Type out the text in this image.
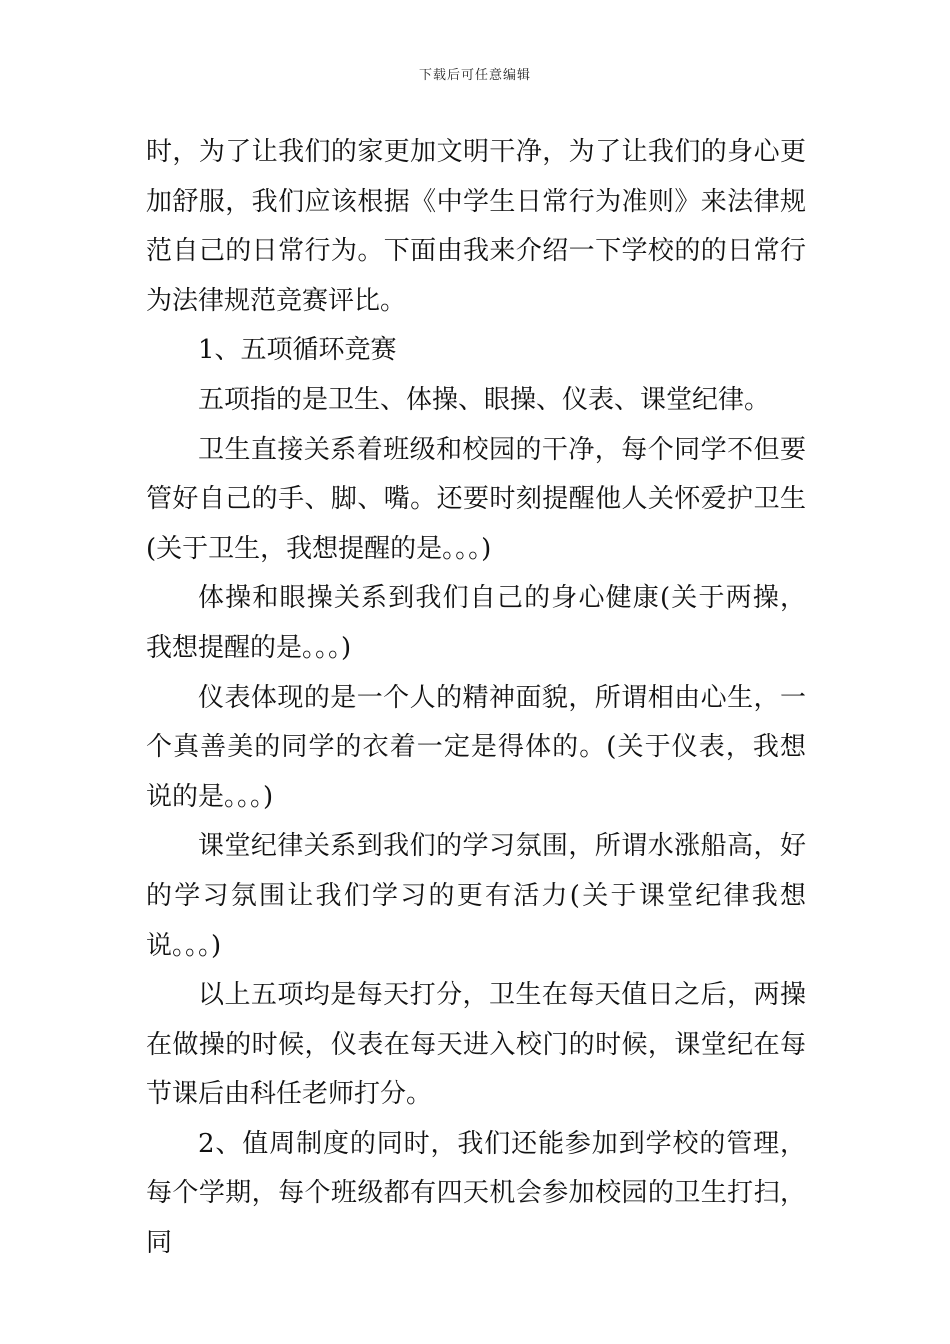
下载后可任意编辑

时，为了让我们的家更加文明干净，为了让我们的身心更加舒服，我们应该根据《中学生日常行为准则》来法律规范自己的日常行为。下面由我来介绍一下学校的的日常行为法律规范竞赛评比。

1、五项循环竞赛

五项指的是卫生、体操、眼操、仪表、课堂纪律。

卫生直接关系着班级和校园的干净，每个同学不但要管好自己的手、脚、嘴。还要时刻提醒他人关怀爱护卫生(关于卫生，我想提醒的是。。。)

体操和眼操关系到我们自己的身心健康(关于两操，我想提醒的是。。。)

仪表体现的是一个人的精神面貌，所谓相由心生，一个真善美的同学的衣着一定是得体的。(关于仪表，我想说的是。。。)

课堂纪律关系到我们的学习氛围，所谓水涨船高，好的学习氛围让我们学习的更有活力(关于课堂纪律我想说。。。)

以上五项均是每天打分，卫生在每天值日之后，两操在做操的时候，仪表在每天进入校门的时候，课堂纪在每节课后由科任老师打分。

2、值周制度的同时，我们还能参加到学校的管理，每个学期，每个班级都有四天机会参加校园的卫生打扫，同
